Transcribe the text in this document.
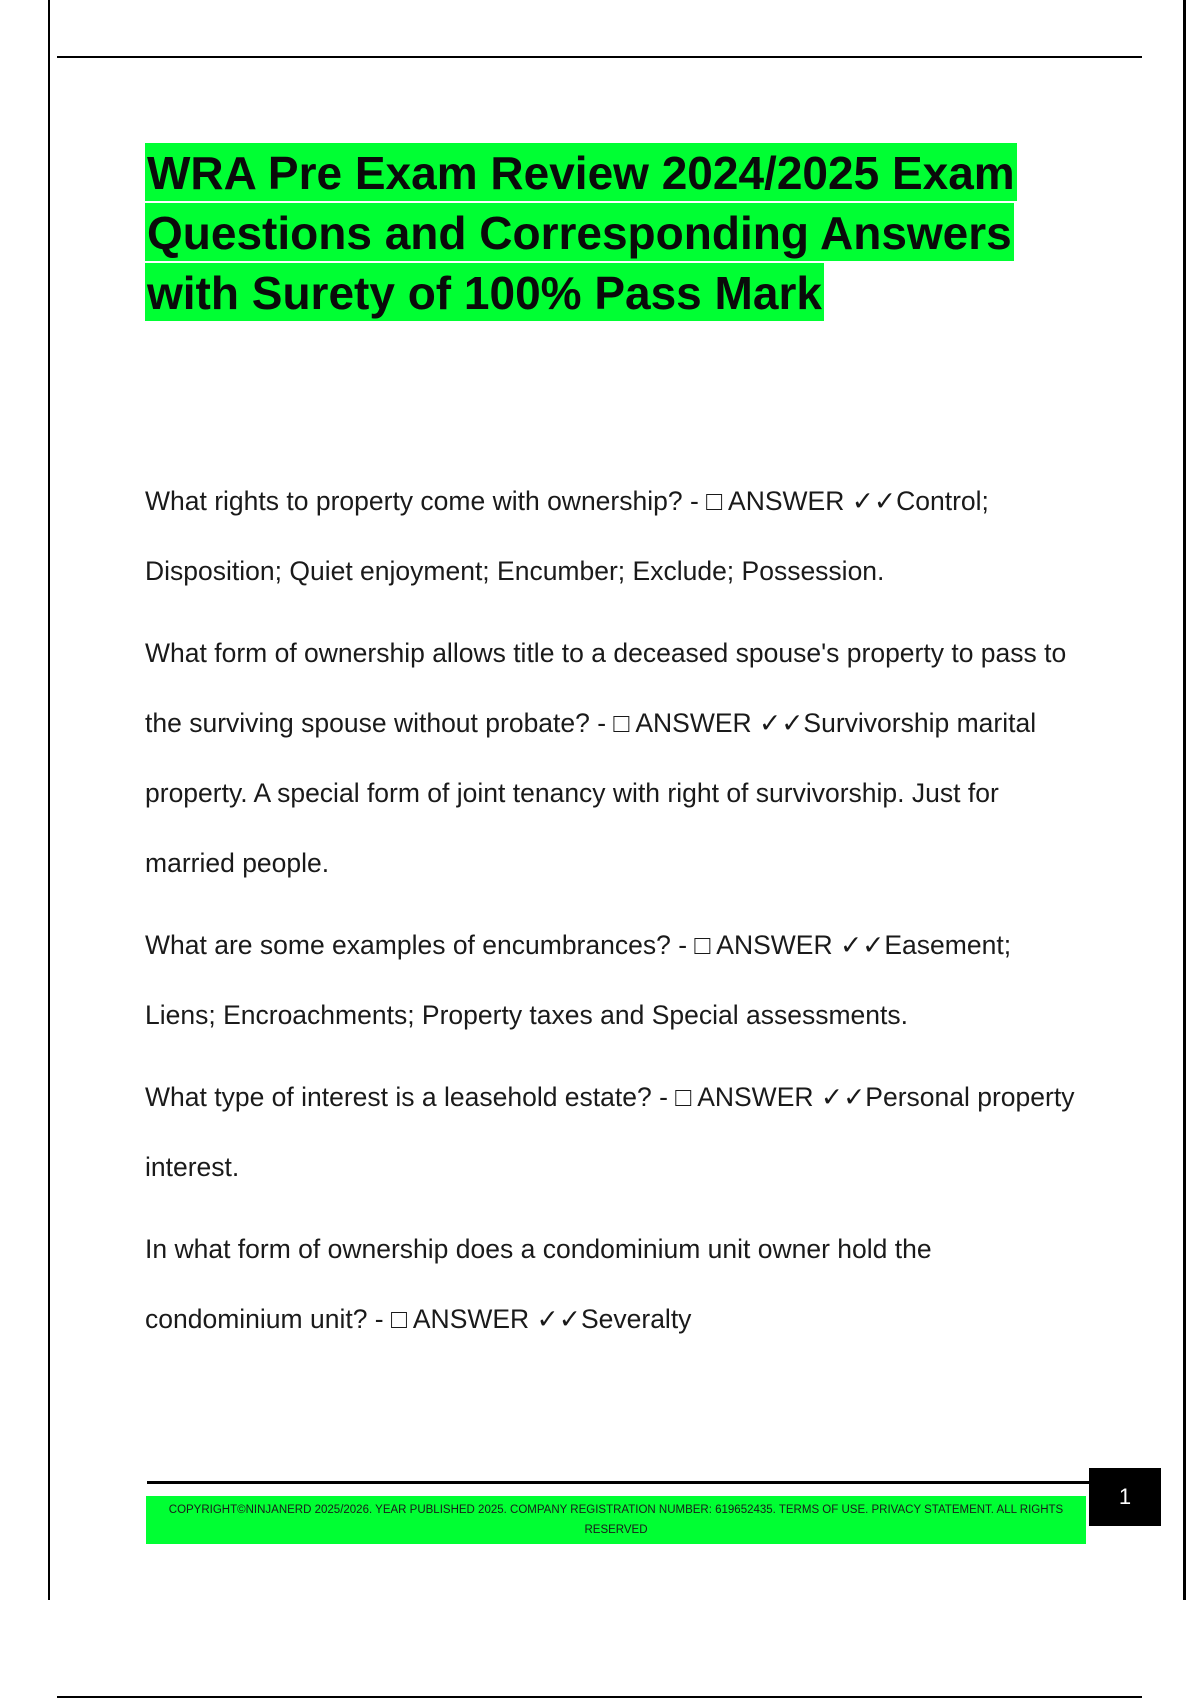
WRA Pre Exam Review 2024/2025 Exam Questions and Corresponding Answers with Surety of 100% Pass Mark

What rights to property come with ownership? - □ ANSWER ✓✓Control; Disposition; Quiet enjoyment; Encumber; Exclude; Possession.

What form of ownership allows title to a deceased spouse's property to pass to the surviving spouse without probate? - □ ANSWER ✓✓Survivorship marital property. A special form of joint tenancy with right of survivorship. Just for married people.

What are some examples of encumbrances? - □ ANSWER ✓✓Easement; Liens; Encroachments; Property taxes and Special assessments.

What type of interest is a leasehold estate? - □ ANSWER ✓✓Personal property interest.

In what form of ownership does a condominium unit owner hold the condominium unit? - □ ANSWER ✓✓Severalty

COPYRIGHT©NINJANERD 2025/2026. YEAR PUBLISHED 2025. COMPANY REGISTRATION NUMBER: 619652435. TERMS OF USE. PRIVACY STATEMENT. ALL RIGHTS RESERVED
1
